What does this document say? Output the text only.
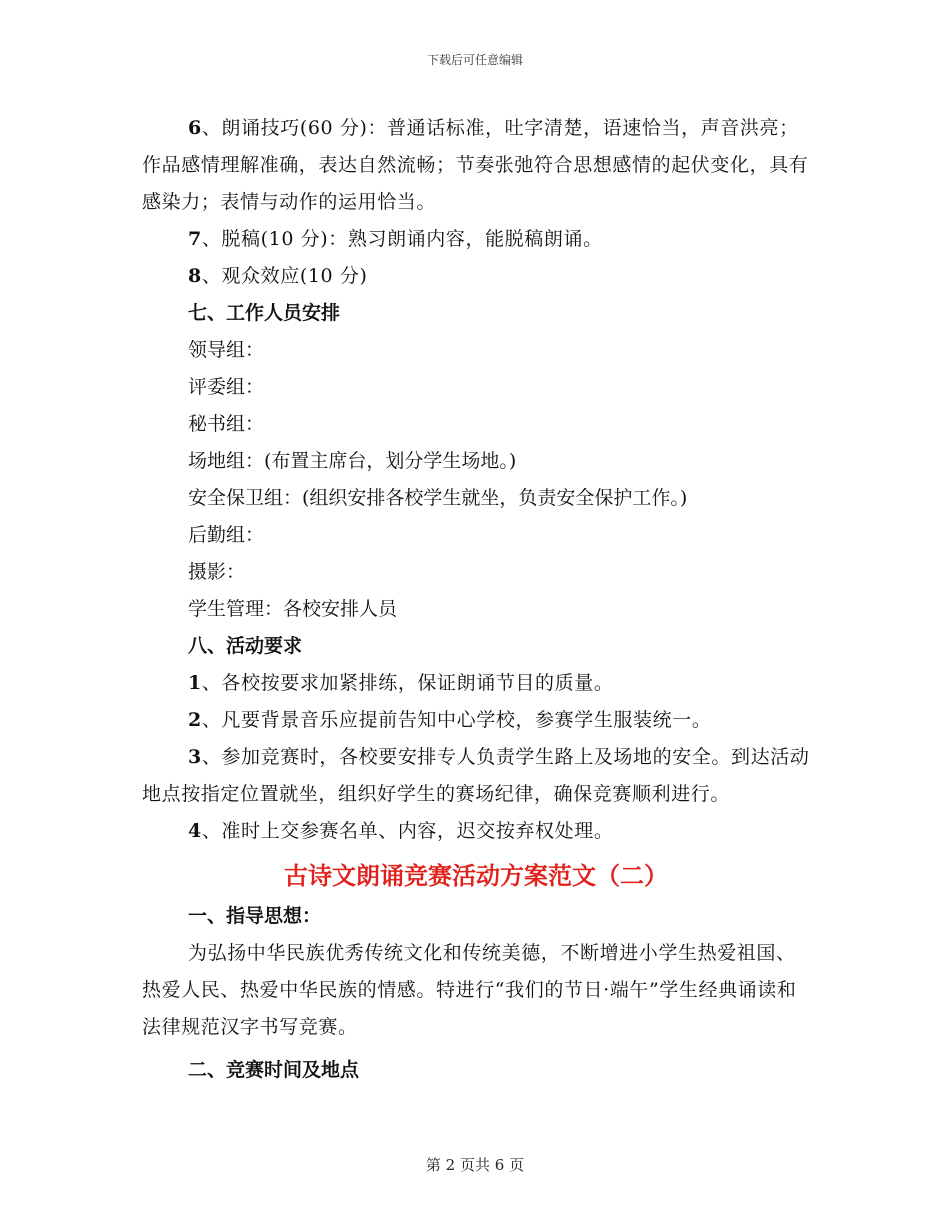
下载后可任意编辑
6、朗诵技巧(60 分)：普通话标准，吐字清楚，语速恰当，声音洪亮；作品感情理解准确，表达自然流畅；节奏张弛符合思想感情的起伏变化，具有感染力；表情与动作的运用恰当。
7、脱稿(10 分)：熟习朗诵内容，能脱稿朗诵。
8、观众效应(10 分)
七、工作人员安排
领导组：
评委组：
秘书组：
场地组：(布置主席台，划分学生场地。)
安全保卫组：(组织安排各校学生就坐，负责安全保护工作。)
后勤组：
摄影：
学生管理：各校安排人员
八、活动要求
1、各校按要求加紧排练，保证朗诵节目的质量。
2、凡要背景音乐应提前告知中心学校，参赛学生服装统一。
3、参加竞赛时，各校要安排专人负责学生路上及场地的安全。到达活动地点按指定位置就坐，组织好学生的赛场纪律，确保竞赛顺利进行。
4、准时上交参赛名单、内容，迟交按弃权处理。
古诗文朗诵竞赛活动方案范文（二）
一、指导思想：
为弘扬中华民族优秀传统文化和传统美德，不断增进小学生热爱祖国、热爱人民、热爱中华民族的情感。特进行“我们的节日·端午”学生经典诵读和法律规范汉字书写竞赛。
二、竞赛时间及地点
第 2 页共 6 页
